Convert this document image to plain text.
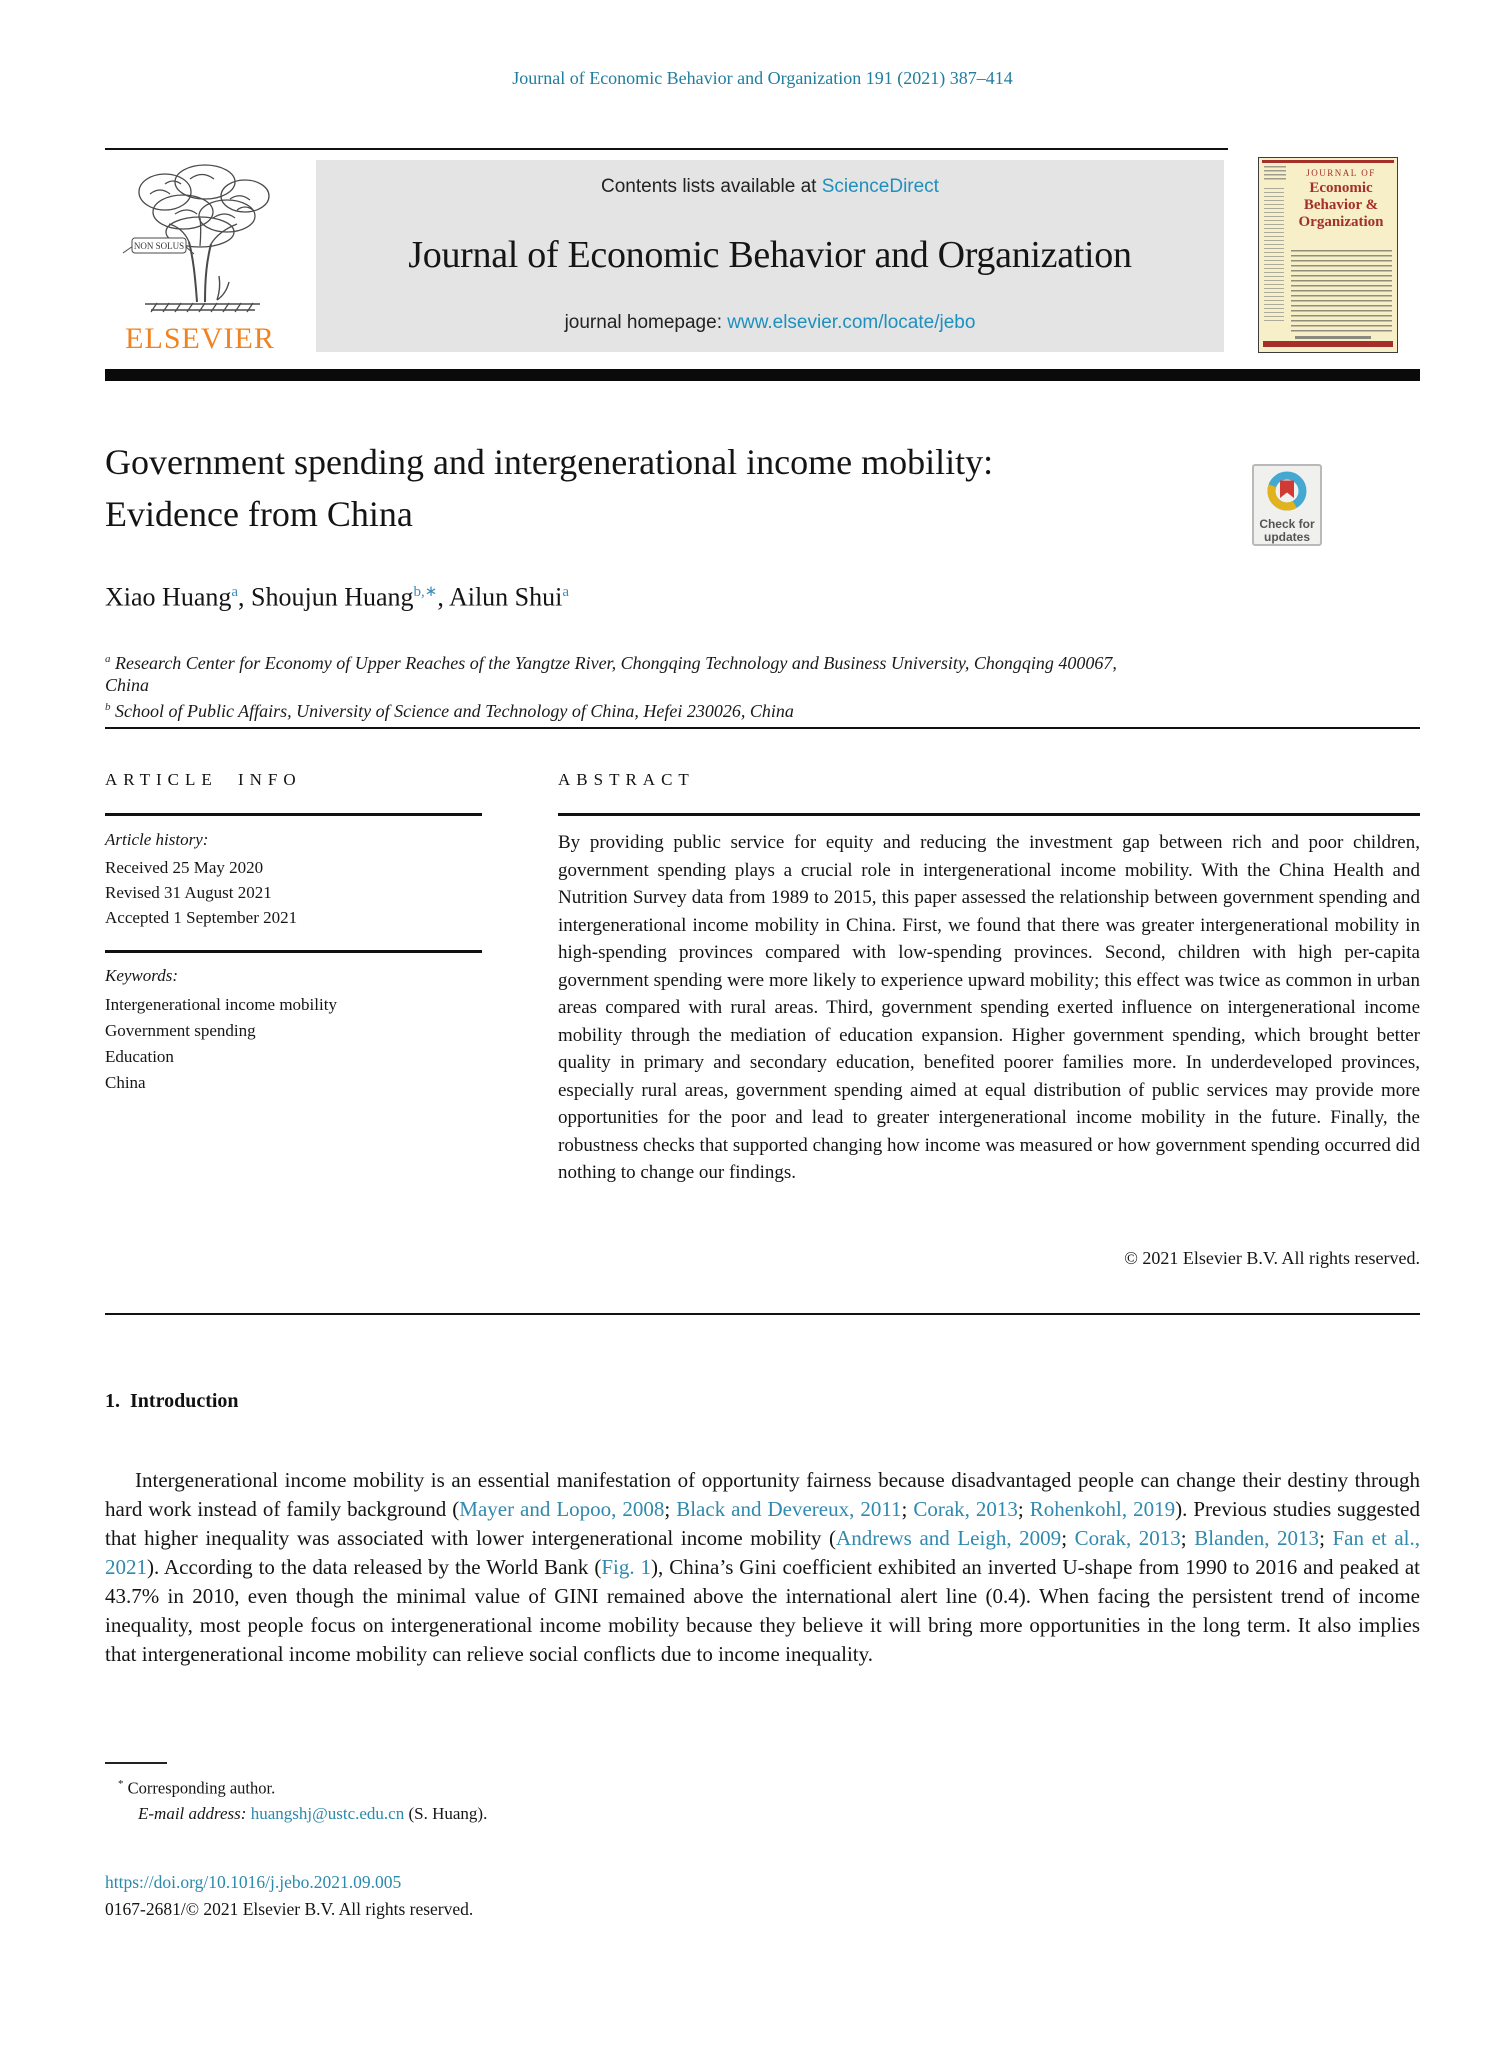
Journal of Economic Behavior and Organization 191 (2021) 387–414
NON SOLUS
ELSEVIER
Contents lists available at ScienceDirect
Journal of Economic Behavior and Organization
journal homepage: www.elsevier.com/locate/jebo
JOURNAL OF
Economic
Behavior &
Organization
Government spending and intergenerational income mobility:
Evidence from China	Check for
updates
Xiao Huang$^a$, Shoujun Huang$^{b,∗}$, Ailun Shui$^a$
$^a$ Research Center for Economy of Upper Reaches of the Yangtze River, Chongqing Technology and Business University, Chongqing 400067,
China
$^b$ School of Public Affairs, University of Science and Technology of China, Hefei 230026, China
ARTICLE INFO
Article history:
Received 25 May 2020
Revised 31 August 2021
Accepted 1 September 2021
Keywords:
Intergenerational income mobility
Government spending
Education
China
ABSTRACT
By providing public service for equity and reducing the investment gap between rich and poor children, government spending plays a crucial role in intergenerational income mobility. With the China Health and Nutrition Survey data from 1989 to 2015, this paper assessed the relationship between government spending and intergenerational income mobility in China. First, we found that there was greater intergenerational mobility in high-spending provinces compared with low-spending provinces. Second, children with high per-capita government spending were more likely to experience upward mobility; this effect was twice as common in urban areas compared with rural areas. Third, government spending exerted influence on intergenerational income mobility through the mediation of education expansion. Higher government spending, which brought better quality in primary and secondary education, benefited poorer families more. In underdeveloped provinces, especially rural areas, government spending aimed at equal distribution of public services may provide more opportunities for the poor and lead to greater intergenerational income mobility in the future. Finally, the robustness checks that supported changing how income was measured or how government spending occurred did nothing to change our findings.
© 2021 Elsevier B.V. All rights reserved.
1. Introduction
Intergenerational income mobility is an essential manifestation of opportunity fairness because disadvantaged people can change their destiny through hard work instead of family background (Mayer and Lopoo, 2008; Black and Devereux, 2011; Corak, 2013; Rohenkohl, 2019). Previous studies suggested that higher inequality was associated with lower intergenerational income mobility (Andrews and Leigh, 2009; Corak, 2013; Blanden, 2013; Fan et al., 2021). According to the data released by the World Bank (Fig. 1), China’s Gini coefficient exhibited an inverted U-shape from 1990 to 2016 and peaked at 43.7% in 2010, even though the minimal value of GINI remained above the international alert line (0.4). When facing the persistent trend of income inequality, most people focus on intergenerational income mobility because they believe it will bring more opportunities in the long term. It also implies that intergenerational income mobility can relieve social conflicts due to income inequality.
* Corresponding author.
E-mail address: huangshj@ustc.edu.cn (S. Huang).
https://doi.org/10.1016/j.jebo.2021.09.005
0167-2681/© 2021 Elsevier B.V. All rights reserved.
